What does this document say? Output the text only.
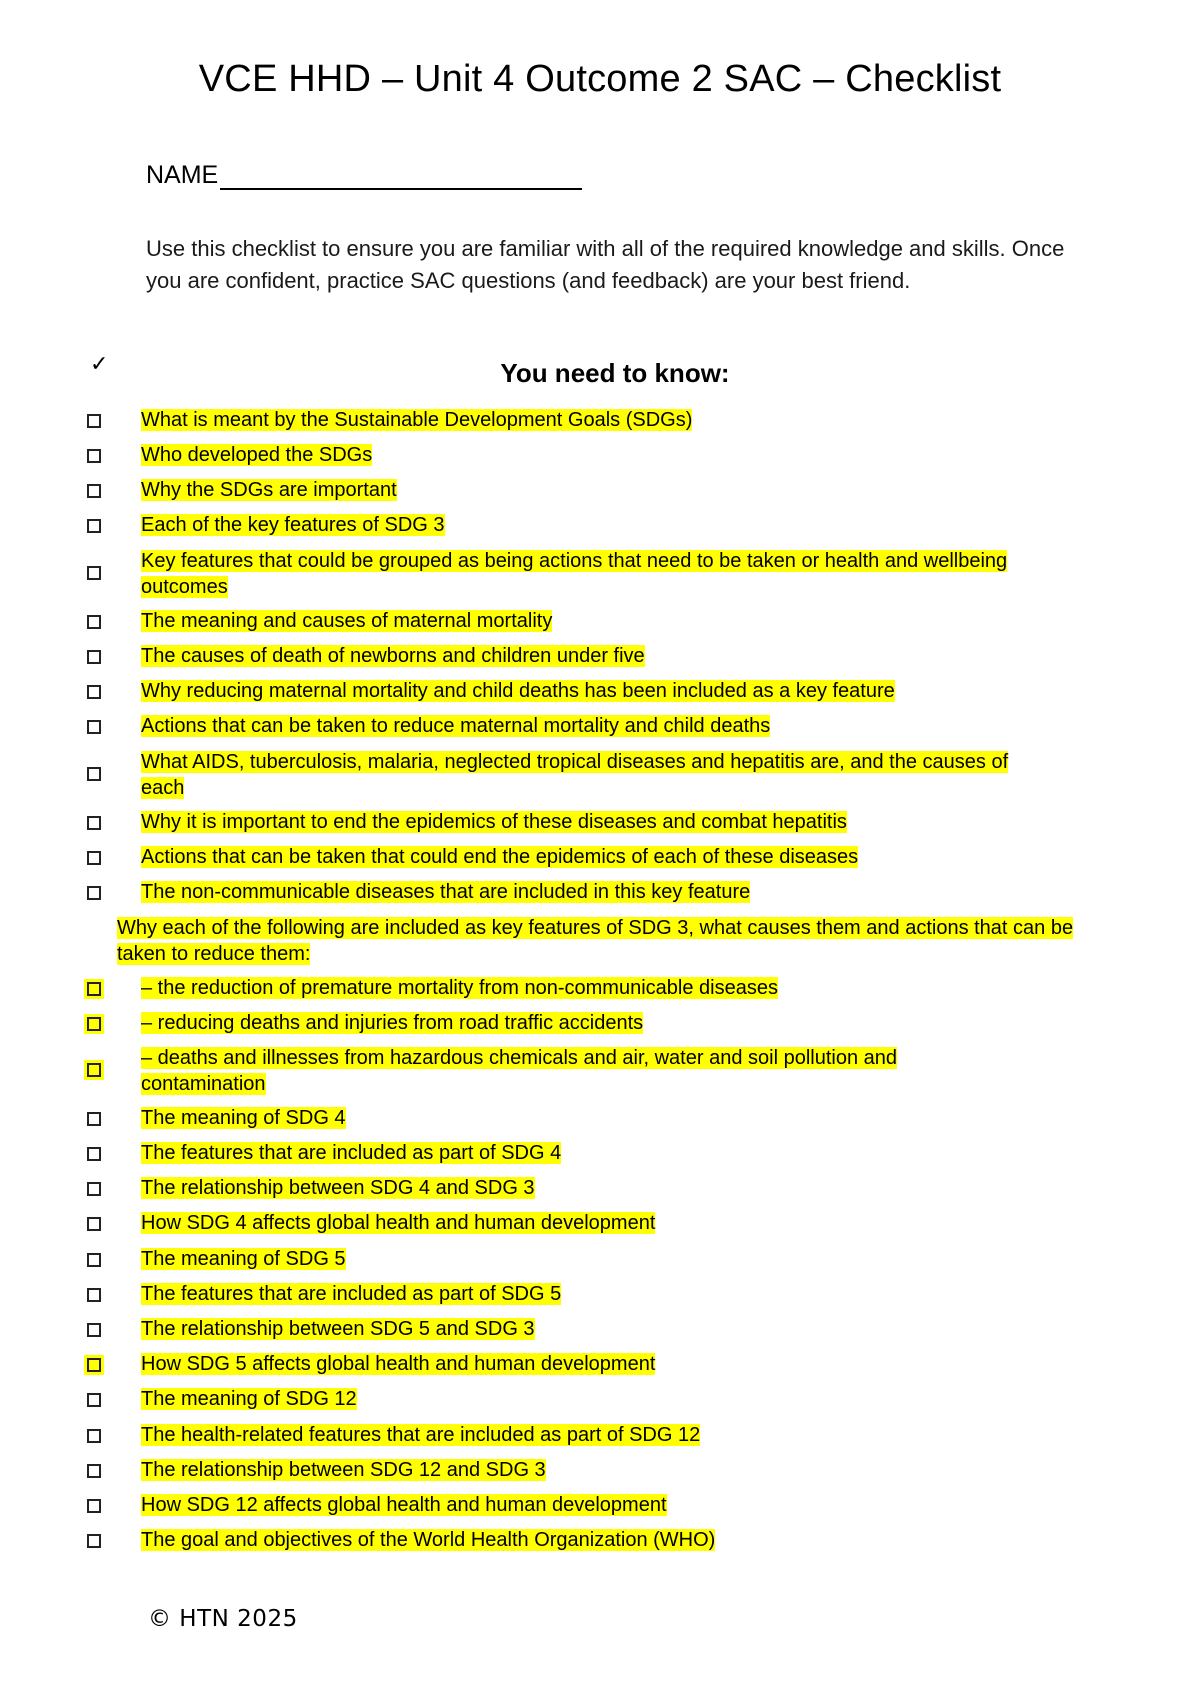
VCE HHD – Unit 4 Outcome 2 SAC – Checklist
NAME
Use this checklist to ensure you are familiar with all of the required knowledge and skills. Once you are confident, practice SAC questions (and feedback) are your best friend.
✓	You need to know:
What is meant by the Sustainable Development Goals (SDGs)
Who developed the SDGs
Why the SDGs are important
Each of the key features of SDG 3
Key features that could be grouped as being actions that need to be taken or health and wellbeing outcomes
The meaning and causes of maternal mortality
The causes of death of newborns and children under five
Why reducing maternal mortality and child deaths has been included as a key feature
Actions that can be taken to reduce maternal mortality and child deaths
What AIDS, tuberculosis, malaria, neglected tropical diseases and hepatitis are, and the causes of each
Why it is important to end the epidemics of these diseases and combat hepatitis
Actions that can be taken that could end the epidemics of each of these diseases
The non-communicable diseases that are included in this key feature
Why each of the following are included as key features of SDG 3, what causes them and actions that can be taken to reduce them:
– the reduction of premature mortality from non-communicable diseases
– reducing deaths and injuries from road traffic accidents
– deaths and illnesses from hazardous chemicals and air, water and soil pollution and contamination
The meaning of SDG 4
The features that are included as part of SDG 4
The relationship between SDG 4 and SDG 3
How SDG 4 affects global health and human development
The meaning of SDG 5
The features that are included as part of SDG 5
The relationship between SDG 5 and SDG 3
How SDG 5 affects global health and human development
The meaning of SDG 12
The health-related features that are included as part of SDG 12
The relationship between SDG 12 and SDG 3
How SDG 12 affects global health and human development
The goal and objectives of the World Health Organization (WHO)
© HTN 2025
